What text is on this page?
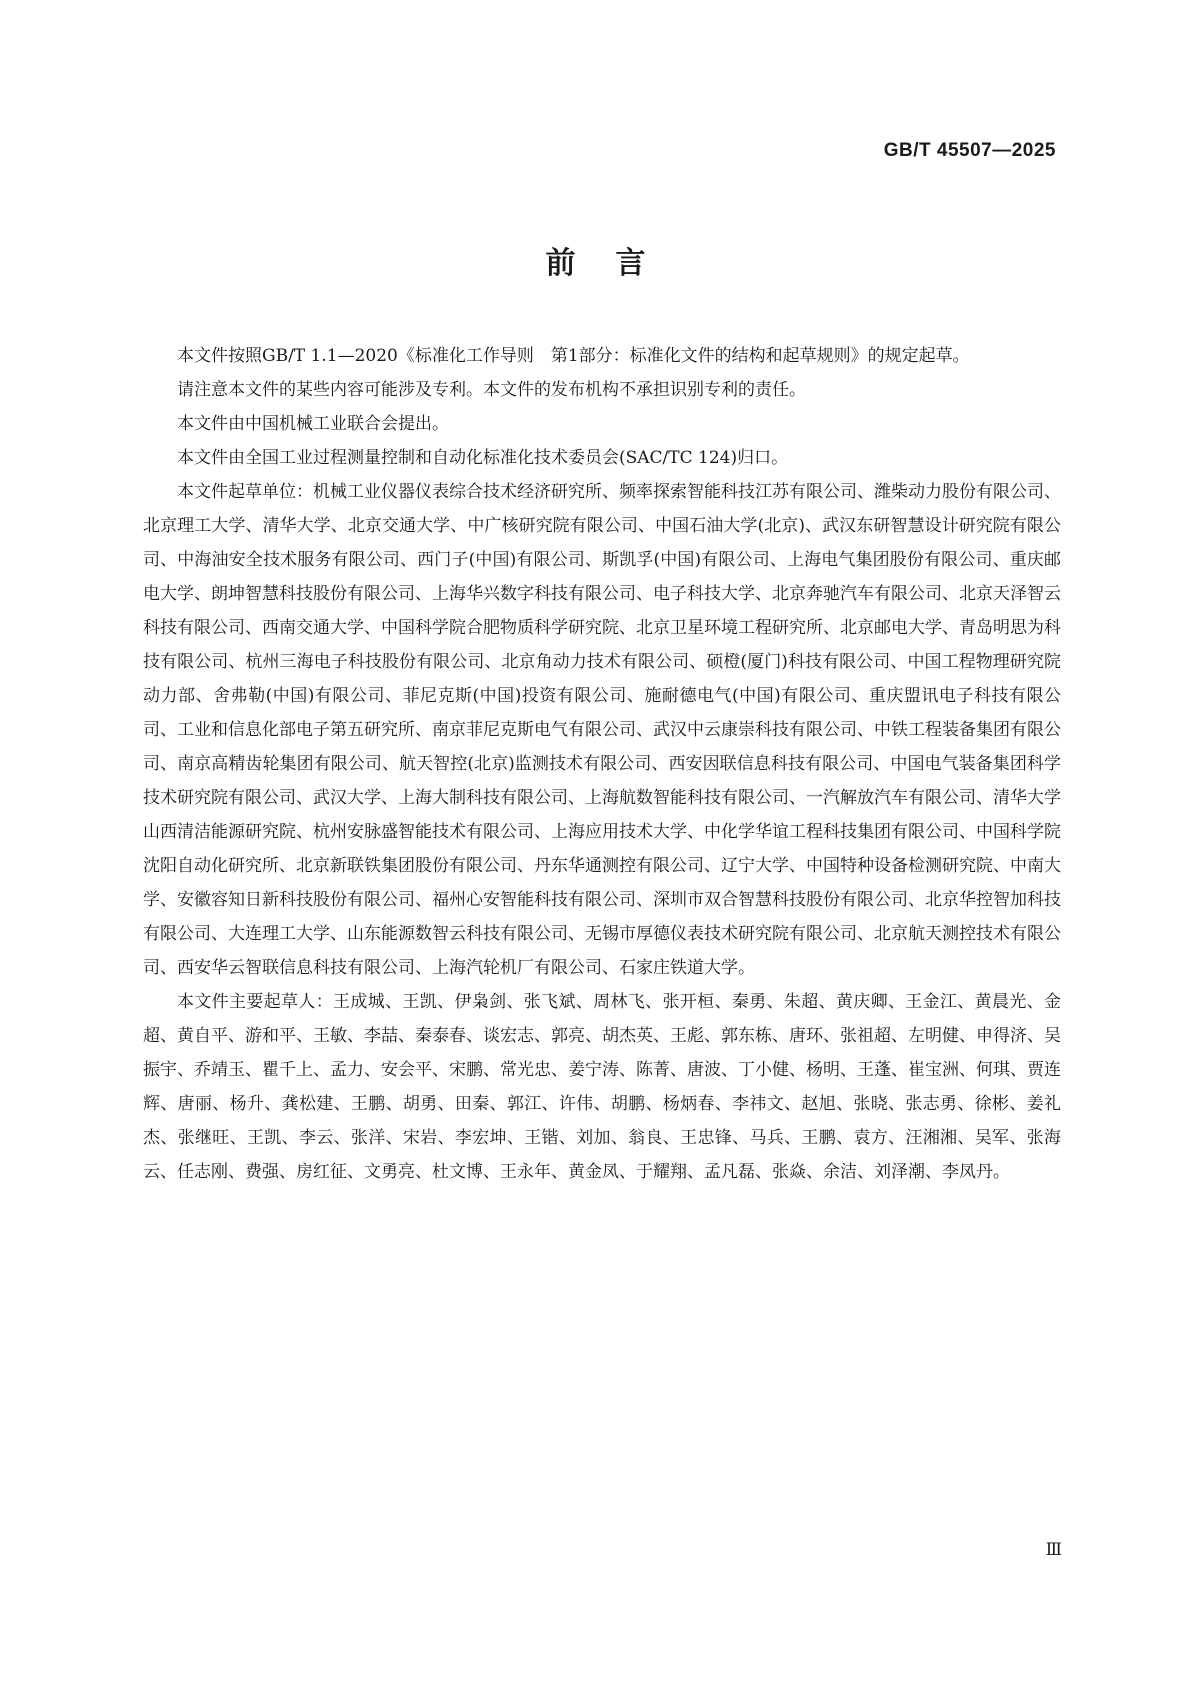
GB/T 45507—2025
前言

本文件按照GB/T 1.1—2020《标准化工作导则　第1部分：标准化文件的结构和起草规则》的规定起草。

请注意本文件的某些内容可能涉及专利。本文件的发布机构不承担识别专利的责任。

本文件由中国机械工业联合会提出。

本文件由全国工业过程测量控制和自动化标准化技术委员会(SAC/TC 124)归口。

本文件起草单位：机械工业仪器仪表综合技术经济研究所、频率探索智能科技江苏有限公司、潍柴动力股份有限公司、北京理工大学、清华大学、北京交通大学、中广核研究院有限公司、中国石油大学(北京)、武汉东研智慧设计研究院有限公司、中海油安全技术服务有限公司、西门子(中国)有限公司、斯凯孚(中国)有限公司、上海电气集团股份有限公司、重庆邮电大学、朗坤智慧科技股份有限公司、上海华兴数字科技有限公司、电子科技大学、北京奔驰汽车有限公司、北京天泽智云科技有限公司、西南交通大学、中国科学院合肥物质科学研究院、北京卫星环境工程研究所、北京邮电大学、青岛明思为科技有限公司、杭州三海电子科技股份有限公司、北京角动力技术有限公司、硕橙(厦门)科技有限公司、中国工程物理研究院动力部、舍弗勒(中国)有限公司、菲尼克斯(中国)投资有限公司、施耐德电气(中国)有限公司、重庆盟讯电子科技有限公司、工业和信息化部电子第五研究所、南京菲尼克斯电气有限公司、武汉中云康崇科技有限公司、中铁工程装备集团有限公司、南京高精齿轮集团有限公司、航天智控(北京)监测技术有限公司、西安因联信息科技有限公司、中国电气装备集团科学技术研究院有限公司、武汉大学、上海大制科技有限公司、上海航数智能科技有限公司、一汽解放汽车有限公司、清华大学山西清洁能源研究院、杭州安脉盛智能技术有限公司、上海应用技术大学、中化学华谊工程科技集团有限公司、中国科学院沈阳自动化研究所、北京新联铁集团股份有限公司、丹东华通测控有限公司、辽宁大学、中国特种设备检测研究院、中南大学、安徽容知日新科技股份有限公司、福州心安智能科技有限公司、深圳市双合智慧科技股份有限公司、北京华控智加科技有限公司、大连理工大学、山东能源数智云科技有限公司、无锡市厚德仪表技术研究院有限公司、北京航天测控技术有限公司、西安华云智联信息科技有限公司、上海汽轮机厂有限公司、石家庄铁道大学。

本文件主要起草人：王成城、王凯、伊枭剑、张飞斌、周林飞、张开桓、秦勇、朱超、黄庆卿、王金江、黄晨光、金超、黄自平、游和平、王敏、李喆、秦泰春、谈宏志、郭亮、胡杰英、王彪、郭东栋、唐环、张祖超、左明健、申得济、吴振宇、乔靖玉、瞿千上、孟力、安会平、宋鹏、常光忠、姜宁涛、陈菁、唐波、丁小健、杨明、王蓬、崔宝洲、何琪、贾连辉、唐丽、杨升、龚松建、王鹏、胡勇、田秦、郭江、许伟、胡鹏、杨炳春、李祎文、赵旭、张晓、张志勇、徐彬、姜礼杰、张继旺、王凯、李云、张洋、宋岩、李宏坤、王锴、刘加、翁良、王忠锋、马兵、王鹏、袁方、汪湘湘、吴军、张海云、任志刚、费强、房红征、文勇亮、杜文博、王永年、黄金凤、于耀翔、孟凡磊、张焱、余洁、刘泽潮、李凤丹。

Ⅲ
